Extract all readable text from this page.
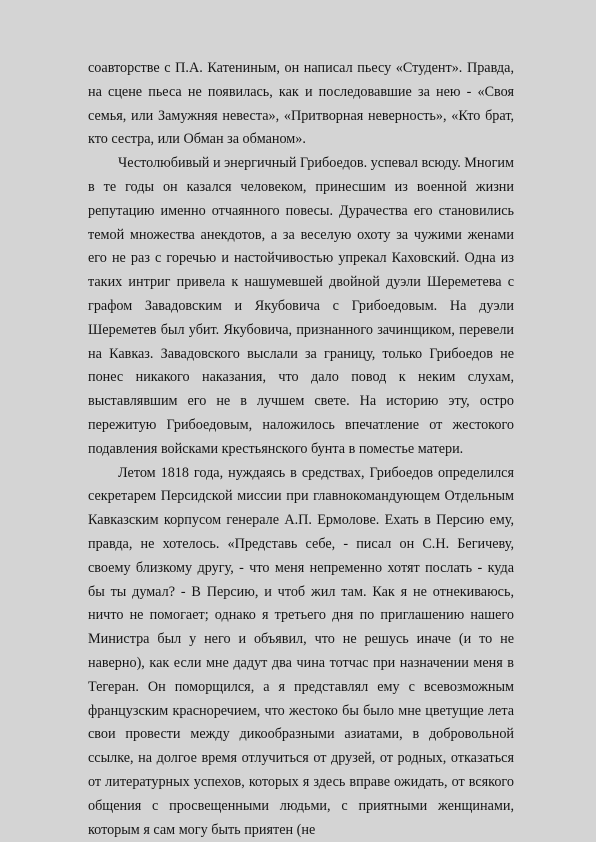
соавторстве с П.А. Катениным, он написал пьесу «Студент». Правда, на сцене пьеса не появилась, как и последовавшие за нею - «Своя семья, или Замужняя невеста», «Притворная неверность», «Кто брат, кто сестра, или Обман за обманом».

Честолюбивый и энергичный Грибоедов. успевал всюду. Многим в те годы он казался человеком, принесшим из военной жизни репутацию именно отчаянного повесы. Дурачества его становились темой множества анекдотов, а за веселую охоту за чужими женами его не раз с горечью и настойчивостью упрекал Каховский. Одна из таких интриг привела к нашумевшей двойной дуэли Шереметева с графом Завадовским и Якубовича с Грибоедовым. На дуэли Шереметев был убит. Якубовича, признанного зачинщиком, перевели на Кавказ. Завадовского выслали за границу, только Грибоедов не понес никакого наказания, что дало повод к неким слухам, выставлявшим его не в лучшем свете. На историю эту, остро пережитую Грибоедовым, наложилось впечатление от жестокого подавления войсками крестьянского бунта в поместье матери.

Летом 1818 года, нуждаясь в средствах, Грибоедов определился секретарем Персидской миссии при главнокомандующем Отдельным Кавказским корпусом генерале А.П. Ермолове. Ехать в Персию ему, правда, не хотелось. «Представь себе, - писал он С.Н. Бегичеву, своему близкому другу, - что меня непременно хотят послать - куда бы ты думал? - В Персию, и чтоб жил там. Как я не отнекиваюсь, ничто не помогает; однако я третьего дня по приглашению нашего Министра был у него и объявил, что не решусь иначе (и то не наверно), как если мне дадут два чина тотчас при назначении меня в Тегеран. Он поморщился, а я представлял ему с всевозможным французским красноречием, что жестоко бы было мне цветущие лета свои провести между дикообразными азиатами, в добровольной ссылке, на долгое время отлучиться от друзей, от родных, отказаться от литературных успехов, которых я здесь вправе ожидать, от всякого общения с просвещенными людьми, с приятными женщинами, которым я сам могу быть приятен (не
